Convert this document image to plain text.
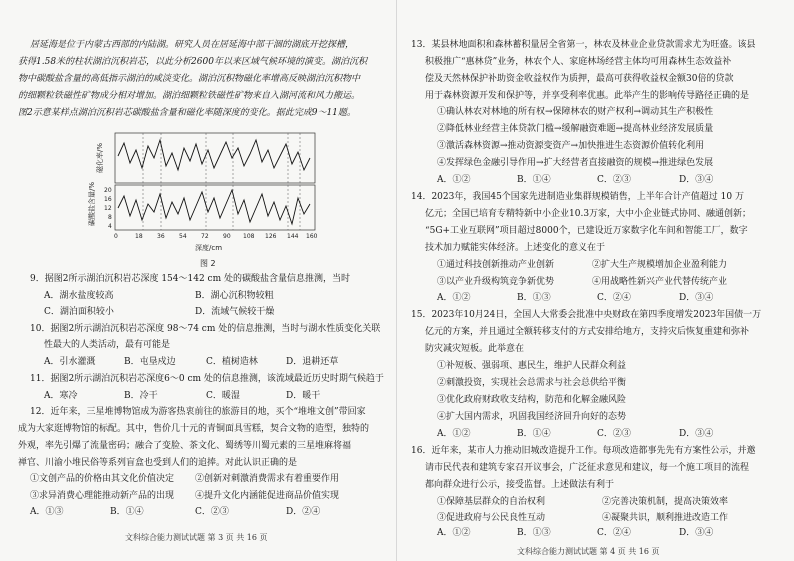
居延海是位于内蒙古西部的内陆湖。研究人员在居延海中部干涸的湖底开挖探槽，
获得1.58米的柱状湖泊沉积岩芯，以此分析2600年以来区域气候环境的演变。湖泊沉积
物中碳酸盐含量的高低指示湖泊的咸淡变化。湖泊沉积物磁化率增高反映湖泊沉积物中
的细颗粒铁磁性矿物成分相对增加。湖泊细颗粒铁磁性矿物来自入湖河流和风力搬运。
图2示意某样点湖泊沉积岩芯碳酸盐含量和磁化率随深度的变化。据此完成9～11题。
磁化率/%
碳酸盐含量/% 20
16
12
8
4
0	18 36 54 72 90 108 126 144 160
深度/cm
图 2
9．据图2所示湖泊沉积岩芯深度 154～142 cm 处的碳酸盐含量信息推测，当时
A．湖水盐度较高	B．湖心沉积物较粗
C．湖泊面积较小	D．流域气候较干燥
10．据图2所示湖泊沉积岩芯深度 98～74 cm 处的信息推测，当时与湖水性质变化关联
性最大的人类活动，最有可能是
A．引水灌溉	B．屯垦戍边	C．植树造林	D．退耕还草
11．据图2所示湖泊沉积岩芯深度6～0 cm 处的信息推测，该流域最近历史时期气候趋于
A．寒冷	B．冷干	C．暖湿	D．暖干
12．近年来，三星堆博物馆成为游客热衷前往的旅游目的地，买个“堆堆文创”带回家
成为大家逛博物馆的标配。其中，售价几十元的青铜面具雪糕，契合文物的造型，独特的
外观，率先引爆了流量密码；融合了变脸、茶文化、蜀绣等川蜀元素的三星堆麻将福
禅官、川渝小堆民俗等系列盲盒也受到人们的追捧。对此认识正确的是
①文创产品的价格由其文化价值决定 ②创新对刺激消费需求有着重要作用
③求异消费心理能推动新产品的出现 ④提升文化内涵能促进商品价值实现
A．①③	B．①④	C．②③	D．②④
文科综合能力测试试题 第 3 页 共 16 页
13．某县林地面积和森林蓄积量居全省第一，林农及林业企业贷款需求尤为旺盛。该县
积极推广“惠林贷”业务，林农个人、家庭林场经营主体均可用森林生态效益补
偿及天然林保护补助资金收益权作为质押，最高可获得收益权金额30倍的贷款
用于森林资源开发和保护等，并享受利率优惠。此举产生的影响传导路径正确的是
①确认林农对林地的所有权→保障林农的财产权利→调动其生产积极性
②降低林业经营主体贷款门槛→缓解融资难题→提高林业经济发展质量
③激活森林资源→推动资源变资产→加快推进生态资源价值转化利用
④发挥绿色金融引导作用→扩大经营者直接融资的规模→推进绿色发展
A．①②	B．①④	C．②③	D．③④
14．2023年，我国45个国家先进制造业集群规模销售，上半年合计产值超过 10 万
亿元；全国已培育专精特新中小企业10.3万家，大中小企业链式协同、融通创新；
“5G+工业互联网”项目超过8000个，已建设近万家数字化车间和智能工厂，数字
技术加力赋能实体经济。上述变化的意义在于
①通过科技创新推动产业创新	②扩大生产规模增加企业盈利能力
③以产业升级构筑竞争新优势	④用战略性新兴产业代替传统产业
A．①②	B．①③	C．②④	D．③④
15．2023年10月24日，全国人大常委会批准中央财政在第四季度增发2023年国债一万
亿元的方案，并且通过全额转移支付的方式安排给地方，支持灾后恢复重建和弥补
防灾减灾短板。此举意在
①补短板、强弱项、惠民生，维护人民群众利益
②刺激投资，实现社会总需求与社会总供给平衡
③优化政府财政收支结构，防范和化解金融风险
④扩大国内需求，巩固我国经济回升向好的态势
A．①②	B．①④	C．②③	D．③④
16．近年来，某市人力推动旧城改造提升工作。每项改造都事先先有方案性公示，并邀
请市民代表和建筑专家召开议事会，广泛征求意见和建议，每一个施工项目的流程
都向群众进行公示，接受监督。上述做法有利于
①保障基层群众的自治权利	②完善决策机制，提高决策效率
③促进政府与公民良性互动	④凝聚共识，顺利推进改造工作
A．①②	B．①③	C．②④	D．③④
文科综合能力测试试题 第 4 页 共 16 页
